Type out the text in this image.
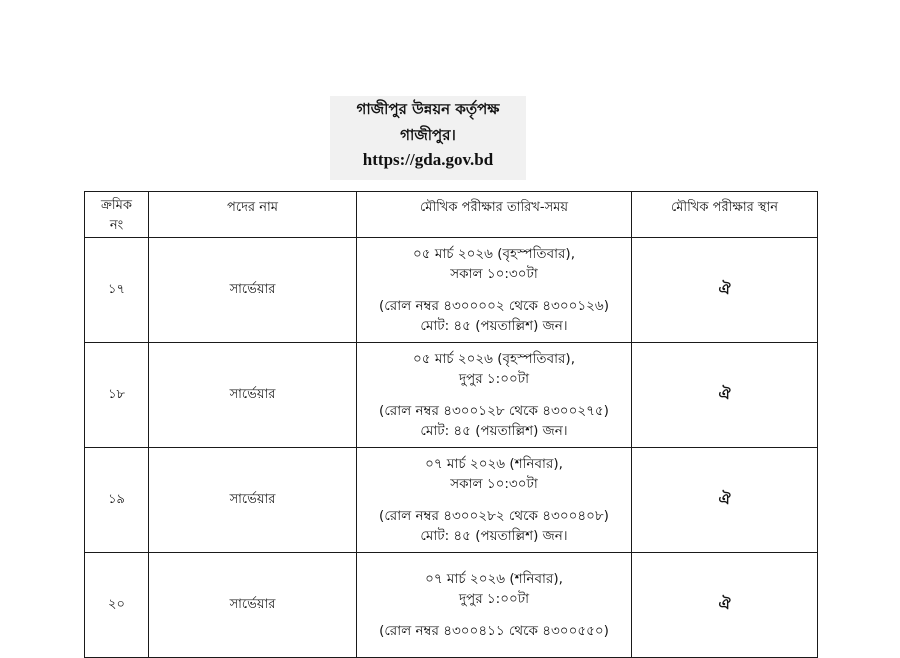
গাজীপুর উন্নয়ন কর্তৃপক্ষ
গাজীপুর।
https://gda.gov.bd
ক্রমিক
নং	পদের নাম	মৌখিক পরীক্ষার তারিখ-সময়	মৌখিক পরীক্ষার স্থান
১৭	সার্ভেয়ার	০৫ মার্চ ২০২৬ (বৃহস্পতিবার),
সকাল ১০:৩০টা
(রোল নম্বর ৪৩০০০০২ থেকে ৪৩০০১২৬)
মোট: ৪৫ (পয়তাল্লিশ) জন।	ঐ
১৮	সার্ভেয়ার	০৫ মার্চ ২০২৬ (বৃহস্পতিবার),
দুপুর ১:০০টা
(রোল নম্বর ৪৩০০১২৮ থেকে ৪৩০০২৭৫)
মোট: ৪৫ (পয়তাল্লিশ) জন।	ঐ
১৯	সার্ভেয়ার	০৭ মার্চ ২০২৬ (শনিবার),
সকাল ১০:৩০টা
(রোল নম্বর ৪৩০০২৮২ থেকে ৪৩০০৪০৮)
মোট: ৪৫ (পয়তাল্লিশ) জন।	ঐ
২০	সার্ভেয়ার	০৭ মার্চ ২০২৬ (শনিবার),
দুপুর ১:০০টা
(রোল নম্বর ৪৩০০৪১১ থেকে ৪৩০০৫৫০)	ঐ
